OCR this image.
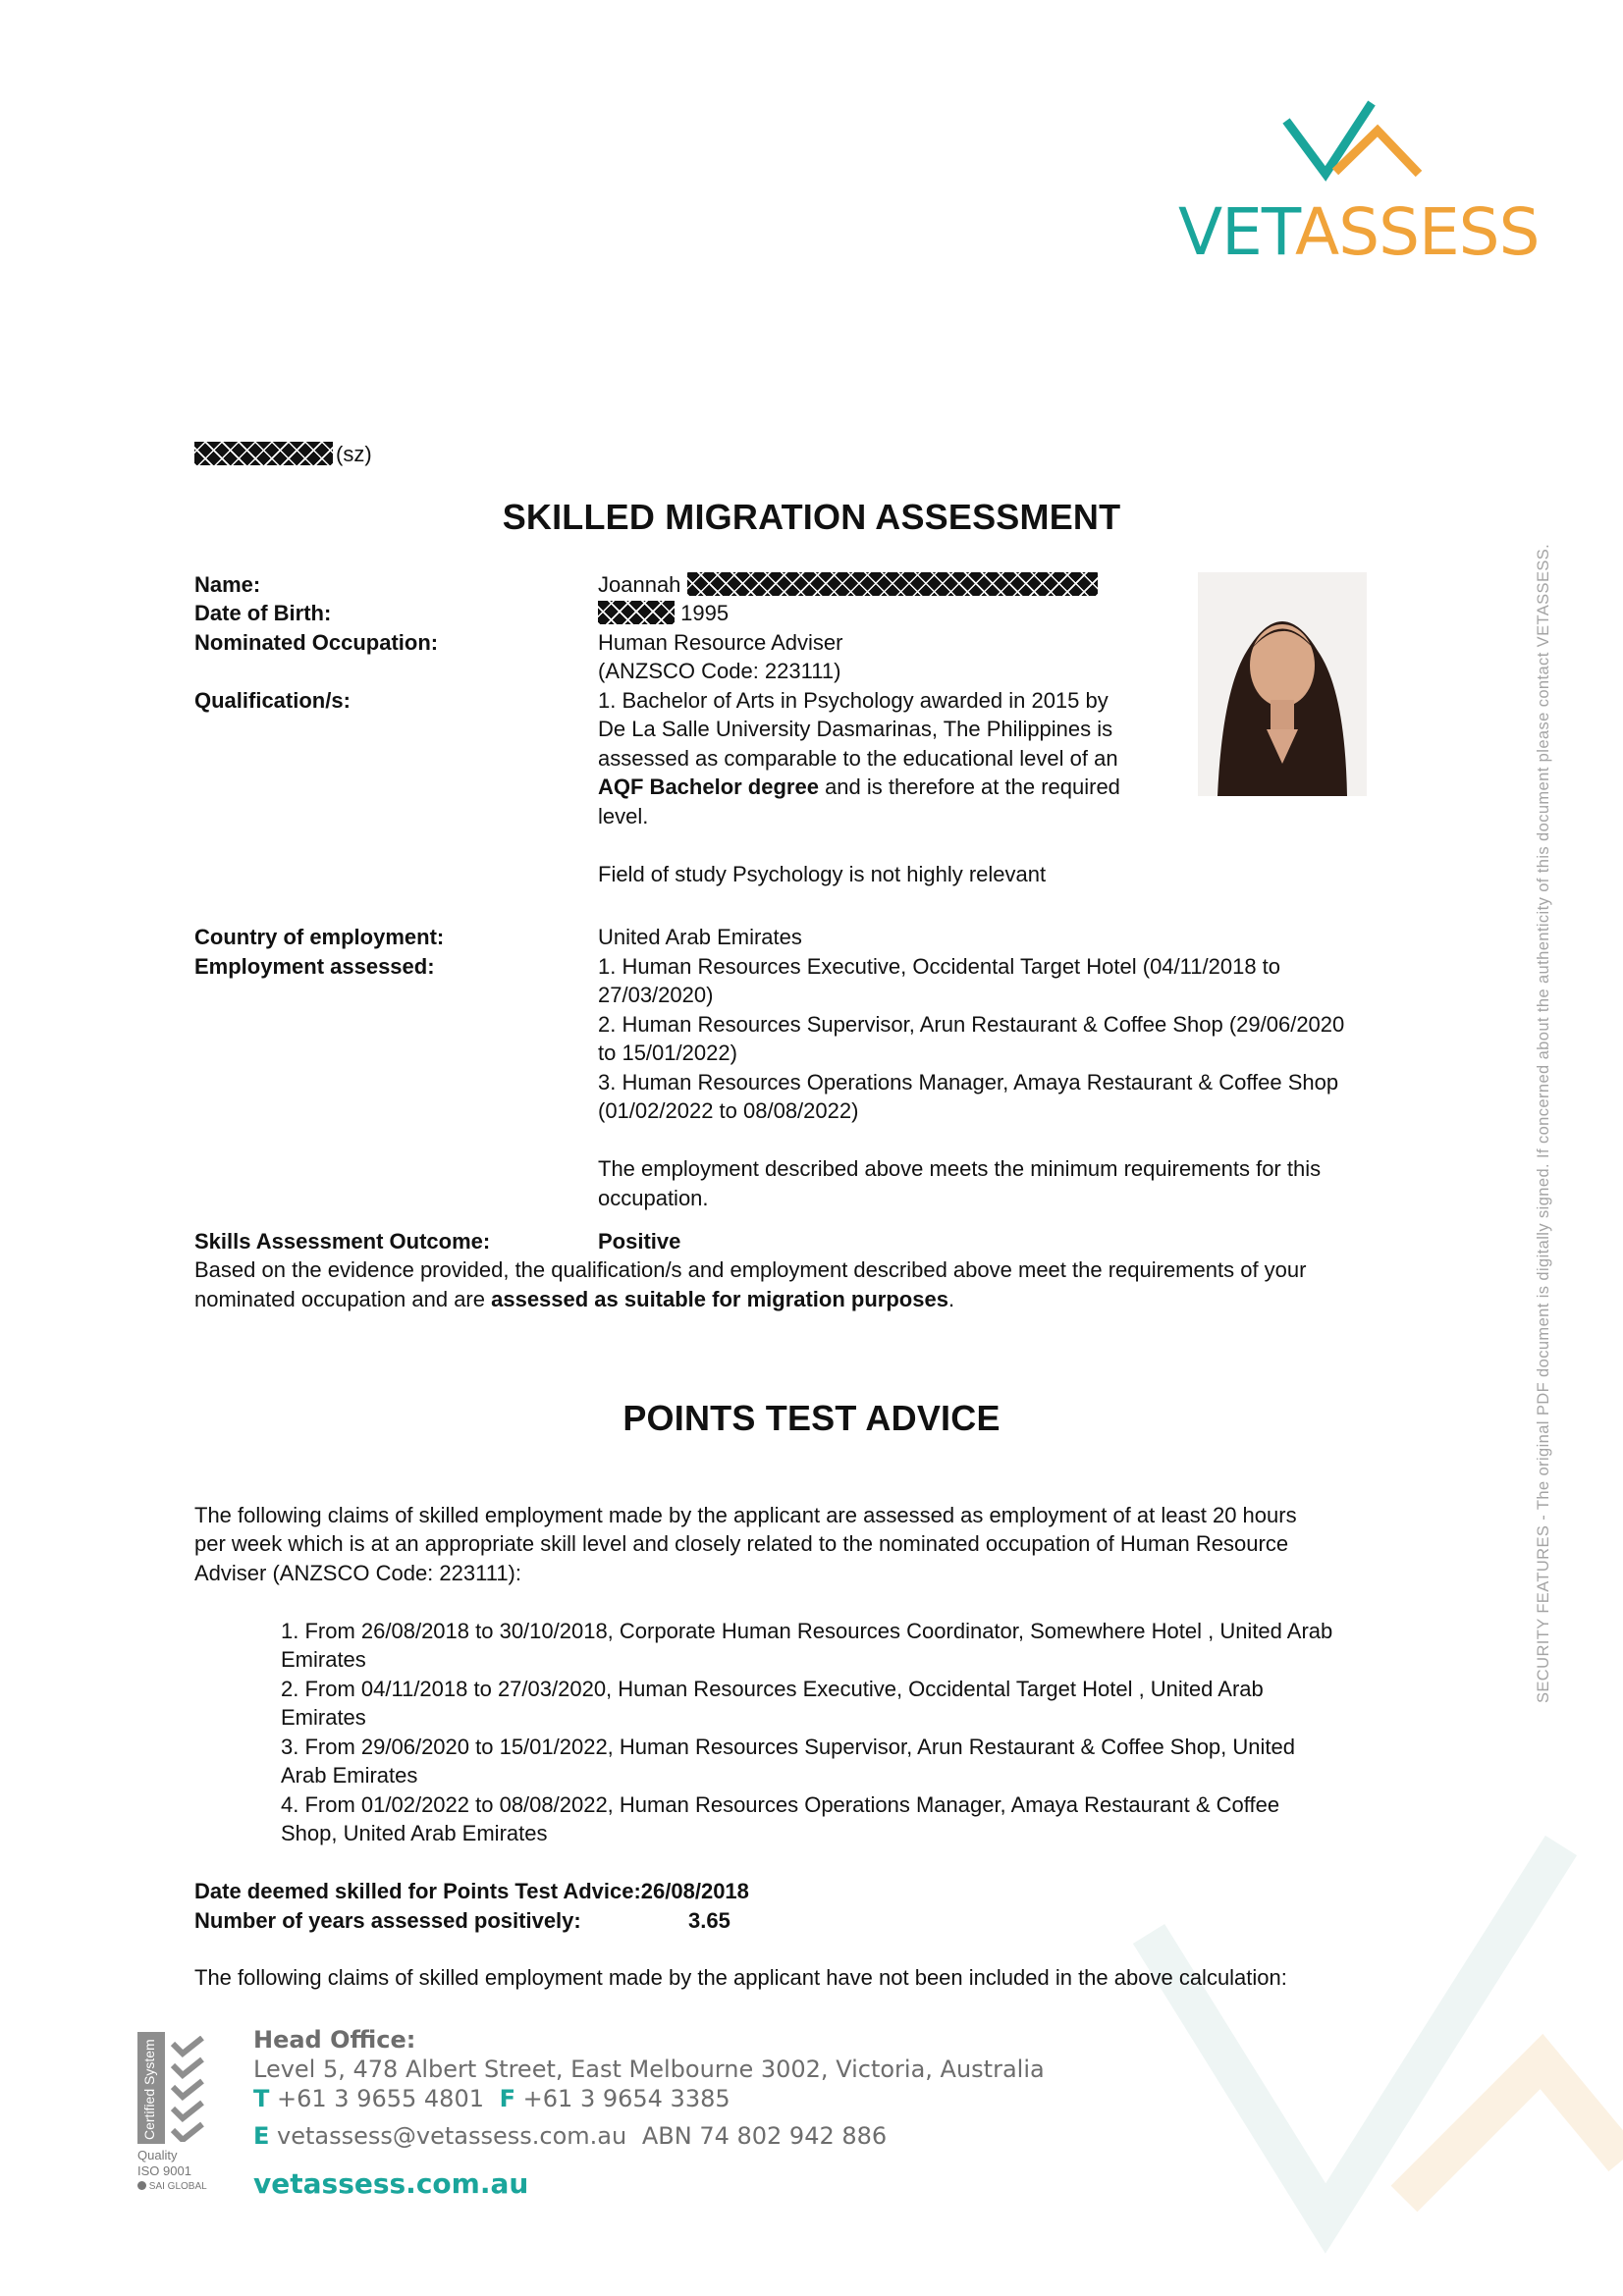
VETASSESS
SECURITY FEATURES - The original PDF document is digitally signed. If concerned about the authenticity of this document please contact VETASSESS.
(sz)
SKILLED MIGRATION ASSESSMENT
Name:	Joannah
Date of Birth:	1995
Nominated Occupation:	Human Resource Adviser
(ANZSCO Code: 223111)
Qualification/s:	1. Bachelor of Arts in Psychology awarded in 2015 by
De La Salle University Dasmarinas, The Philippines is
assessed as comparable to the educational level of an
AQF Bachelor degree and is therefore at the required
level.
Field of study Psychology is not highly relevant
Country of employment:	United Arab Emirates
Employment assessed:	1. Human Resources Executive, Occidental Target Hotel (04/11/2018 to
27/03/2020)
2. Human Resources Supervisor, Arun Restaurant & Coffee Shop (29/06/2020
to 15/01/2022)
3. Human Resources Operations Manager, Amaya Restaurant & Coffee Shop
(01/02/2022 to 08/08/2022)
The employment described above meets the minimum requirements for this
occupation.
Skills Assessment Outcome:	Positive
Based on the evidence provided, the qualification/s and employment described above meet the requirements of your
nominated occupation and are assessed as suitable for migration purposes.
POINTS TEST ADVICE
The following claims of skilled employment made by the applicant are assessed as employment of at least 20 hours
per week which is at an appropriate skill level and closely related to the nominated occupation of Human Resource
Adviser (ANZSCO Code: 223111):
1. From 26/08/2018 to 30/10/2018, Corporate Human Resources Coordinator, Somewhere Hotel , United Arab
Emirates
2. From 04/11/2018 to 27/03/2020, Human Resources Executive, Occidental Target Hotel , United Arab
Emirates
3. From 29/06/2020 to 15/01/2022, Human Resources Supervisor, Arun Restaurant & Coffee Shop, United
Arab Emirates
4. From 01/02/2022 to 08/08/2022, Human Resources Operations Manager, Amaya Restaurant & Coffee
Shop, United Arab Emirates
Date deemed skilled for Points Test Advice:26/08/2018
Number of years assessed positively:	3.65
The following claims of skilled employment made by the applicant have not been included in the above calculation:
Certified System
Quality
ISO 9001
SAI GLOBAL
Head Office:
Level 5, 478 Albert Street, East Melbourne 3002, Victoria, Australia
T +61 3 9655 4801 F +61 3 9654 3385
E vetassess@vetassess.com.au ABN 74 802 942 886
vetassess.com.au
